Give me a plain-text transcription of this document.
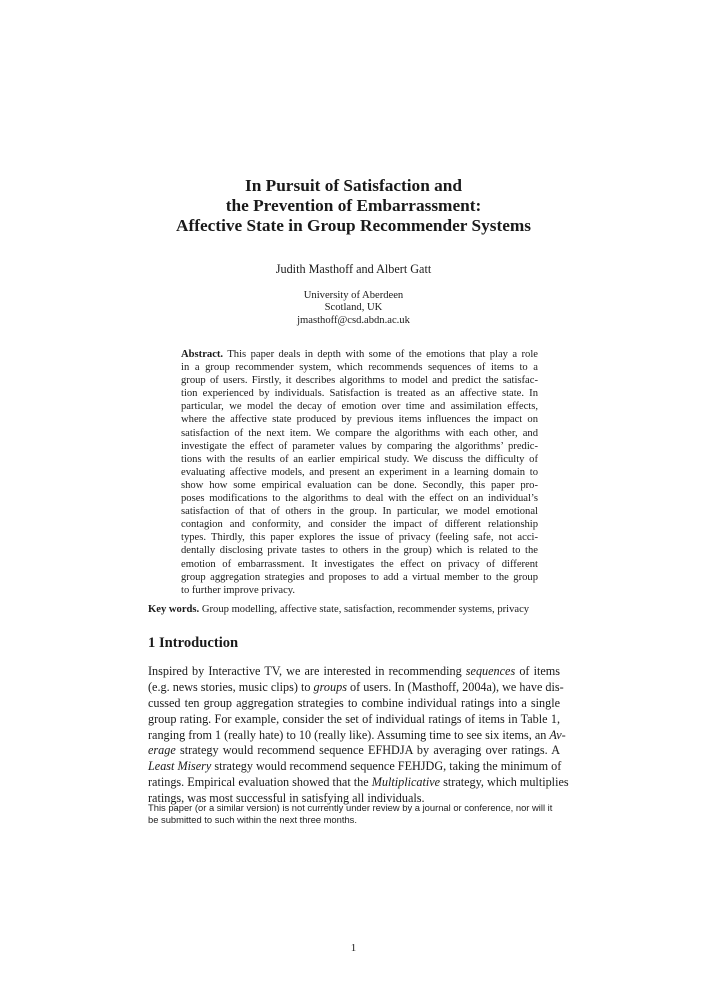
In Pursuit of Satisfaction and
the Prevention of Embarrassment:
Affective State in Group Recommender Systems
Judith Masthoff and Albert Gatt
University of Aberdeen
Scotland, UK
jmasthoff@csd.abdn.ac.uk
Abstract. This paper deals in depth with some of the emotions that play a role
in a group recommender system, which recommends sequences of items to a
group of users. Firstly, it describes algorithms to model and predict the satisfac-
tion experienced by individuals. Satisfaction is treated as an affective state. In
particular, we model the decay of emotion over time and assimilation effects,
where the affective state produced by previous items influences the impact on
satisfaction of the next item. We compare the algorithms with each other, and
investigate the effect of parameter values by comparing the algorithms’ predic-
tions with the results of an earlier empirical study. We discuss the difficulty of
evaluating affective models, and present an experiment in a learning domain to
show how some empirical evaluation can be done. Secondly, this paper pro-
poses modifications to the algorithms to deal with the effect on an individual’s
satisfaction of that of others in the group. In particular, we model emotional
contagion and conformity, and consider the impact of different relationship
types. Thirdly, this paper explores the issue of privacy (feeling safe, not acci-
dentally disclosing private tastes to others in the group) which is related to the
emotion of embarrassment. It investigates the effect on privacy of different
group aggregation strategies and proposes to add a virtual member to the group
to further improve privacy.
Key words. Group modelling, affective state, satisfaction, recommender systems, privacy
1 Introduction
Inspired by Interactive TV, we are interested in recommending sequences of items
(e.g. news stories, music clips) to groups of users. In (Masthoff, 2004a), we have dis-
cussed ten group aggregation strategies to combine individual ratings into a single
group rating. For example, consider the set of individual ratings of items in Table 1,
ranging from 1 (really hate) to 10 (really like). Assuming time to see six items, an Av-
erage strategy would recommend sequence EFHDJA by averaging over ratings. A
Least Misery strategy would recommend sequence FEHJDG, taking the minimum of
ratings. Empirical evaluation showed that the Multiplicative strategy, which multiplies
ratings, was most successful in satisfying all individuals.
This paper (or a similar version) is not currently under review by a journal or conference, nor will it
be submitted to such within the next three months.
1
